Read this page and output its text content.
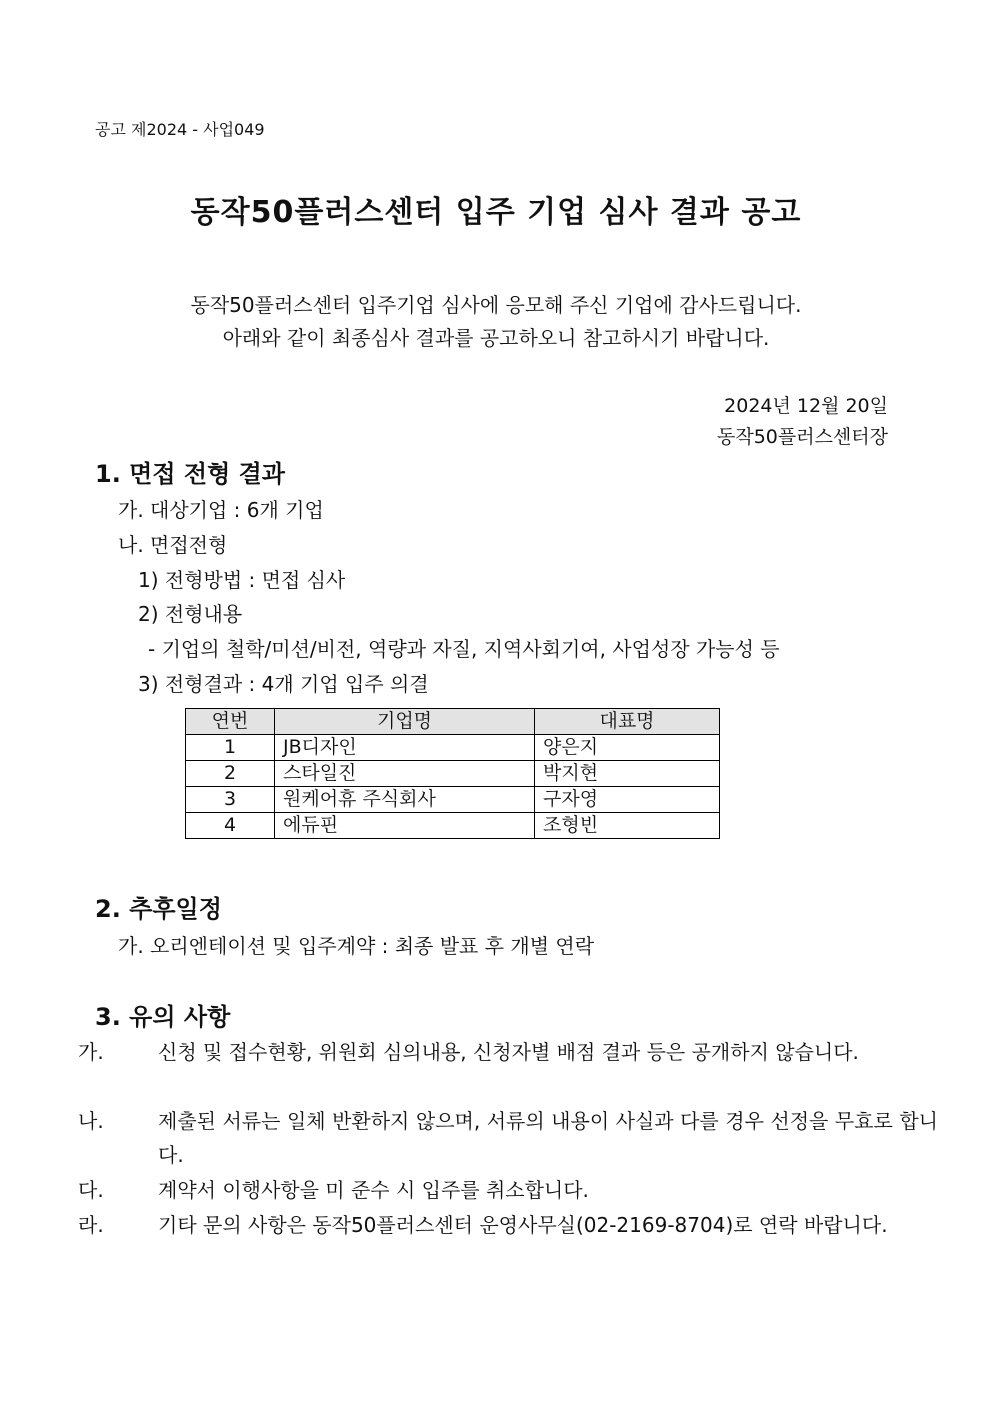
공고 제2024 - 사업049
동작50플러스센터 입주 기업 심사 결과 공고
동작50플러스센터 입주기업 심사에 응모해 주신 기업에 감사드립니다.
아래와 같이 최종심사 결과를 공고하오니 참고하시기 바랍니다.
2024년 12월 20일
동작50플러스센터장
1. 면접 전형 결과
가. 대상기업 : 6개 기업
나. 면접전형
1) 전형방법 : 면접 심사
2) 전형내용
- 기업의 철학/미션/비전, 역량과 자질, 지역사회기여, 사업성장 가능성 등
3) 전형결과 : 4개 기업 입주 의결
연번	기업명	대표명
1	JB디자인	양은지
2	스타일진	박지현
3	원케어휴 주식회사	구자영
4	에듀핀	조형빈
2. 추후일정
가. 오리엔테이션 및 입주계약 : 최종 발표 후 개별 연락
3. 유의 사항
가.	신청 및 접수현황, 위원회 심의내용, 신청자별 배점 결과 등은 공개하지 않습니다.
나.	제출된 서류는 일체 반환하지 않으며, 서류의 내용이 사실과 다를 경우 선정을 무효로 합니다.
다.	계약서 이행사항을 미 준수 시 입주를 취소합니다.
라.	기타 문의 사항은 동작50플러스센터 운영사무실(02-2169-8704)로 연락 바랍니다.
